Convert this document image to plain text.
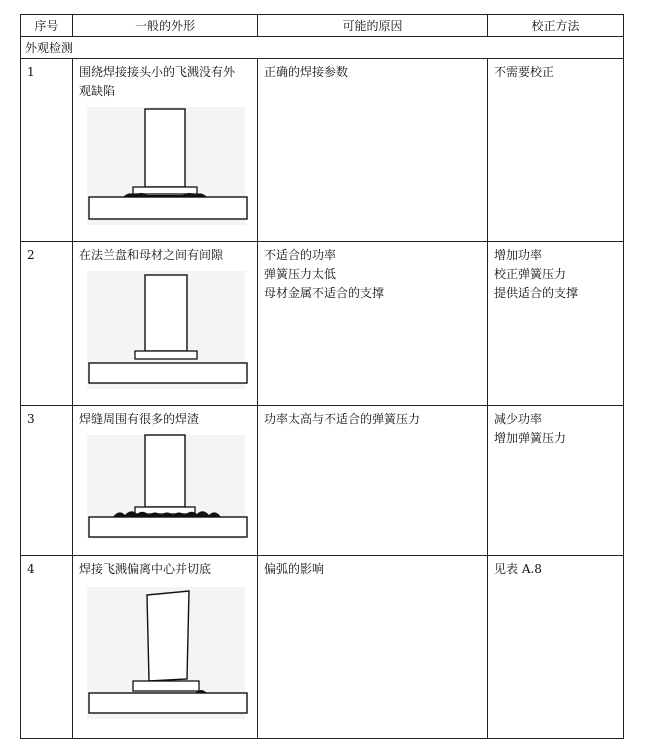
序号	一般的外形	可能的原因	校正方法
外观检测			
1	围绕焊接接头小的飞溅没有外
观缺陷	正确的焊接参数	不需要校正

2	在法兰盘和母材之间有间隙	不适合的功率
弹簧压力太低
母材金属不适合的支撑	增加功率
校正弹簧压力
提供适合的支撑

3	焊缝周围有很多的焊渣	功率太高与不适合的弹簧压力	减少功率
增加弹簧压力

4	焊接飞溅偏离中心并切底	偏弧的影响	见表 A.8
